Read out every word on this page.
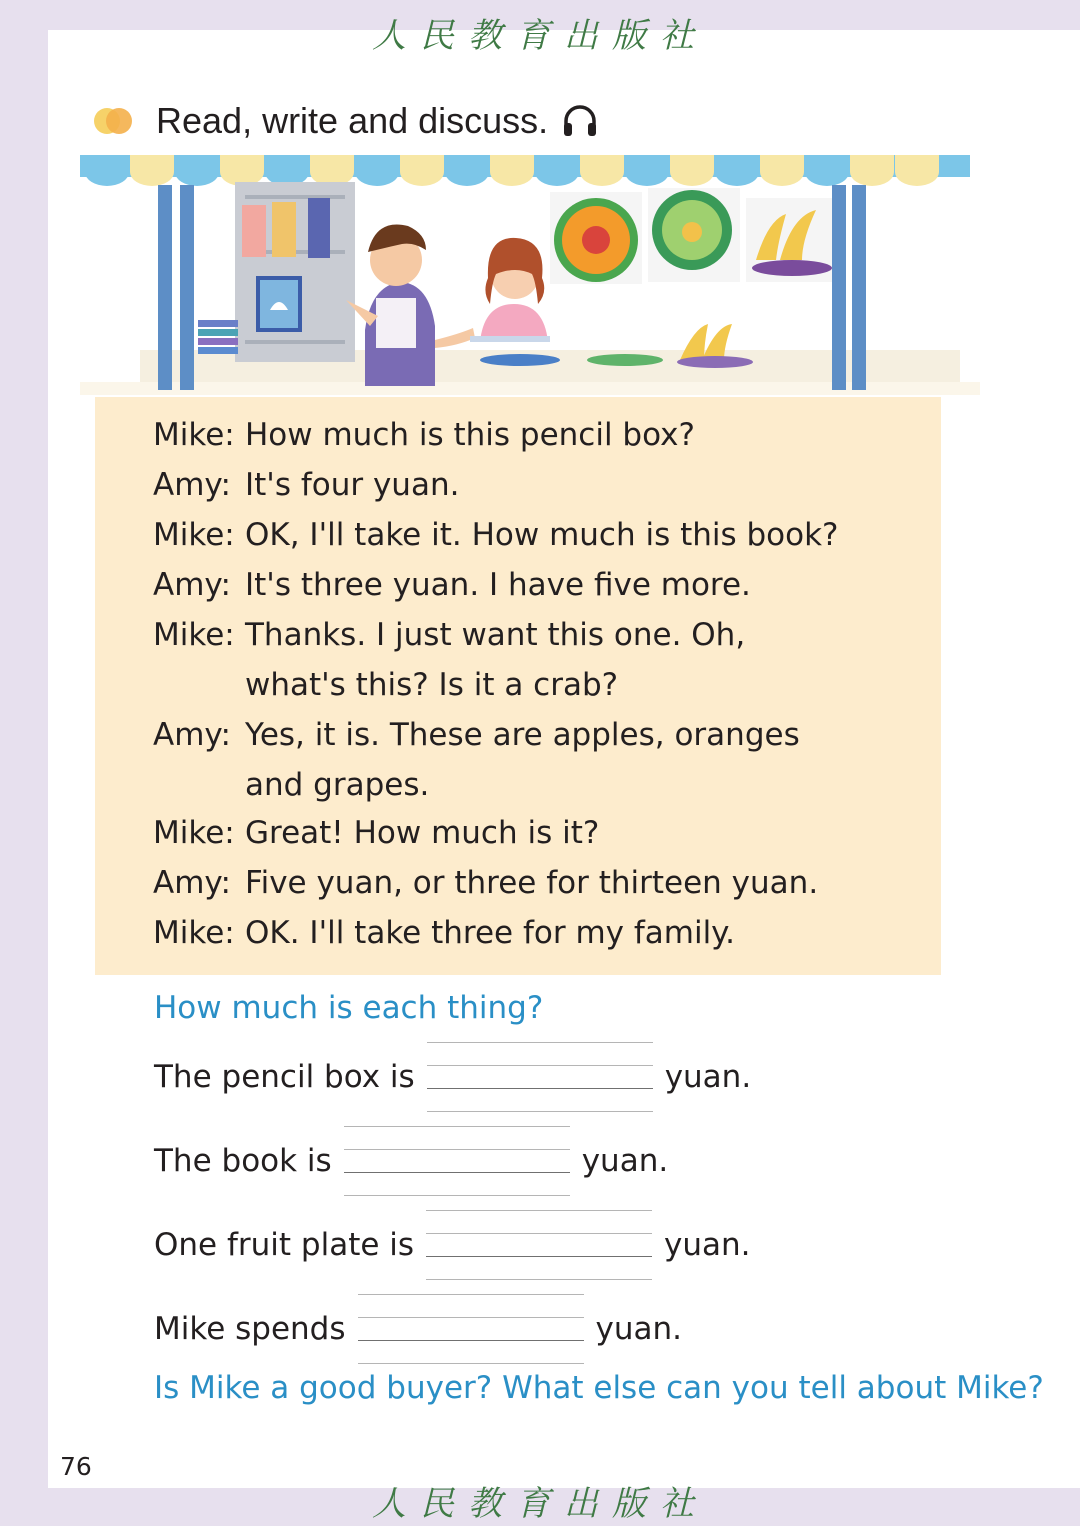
人民教育出版社
Read, write and discuss.
Mike: How much is this pencil box?
Amy: It's four yuan.
Mike: OK, I'll take it. How much is this book?
Amy: It's three yuan. I have five more.
Mike: Thanks. I just want this one. Oh,
what's this? Is it a crab?
Amy: Yes, it is. These are apples, oranges
and grapes.
Mike: Great! How much is it?
Amy: Five yuan, or three for thirteen yuan.
Mike: OK. I'll take three for my family.
How much is each thing?
The pencil box is	yuan.
The book is	yuan.
One fruit plate is	yuan.
Mike spends	yuan.
Is Mike a good buyer? What else can you tell about Mike?
76
人民教育出版社
